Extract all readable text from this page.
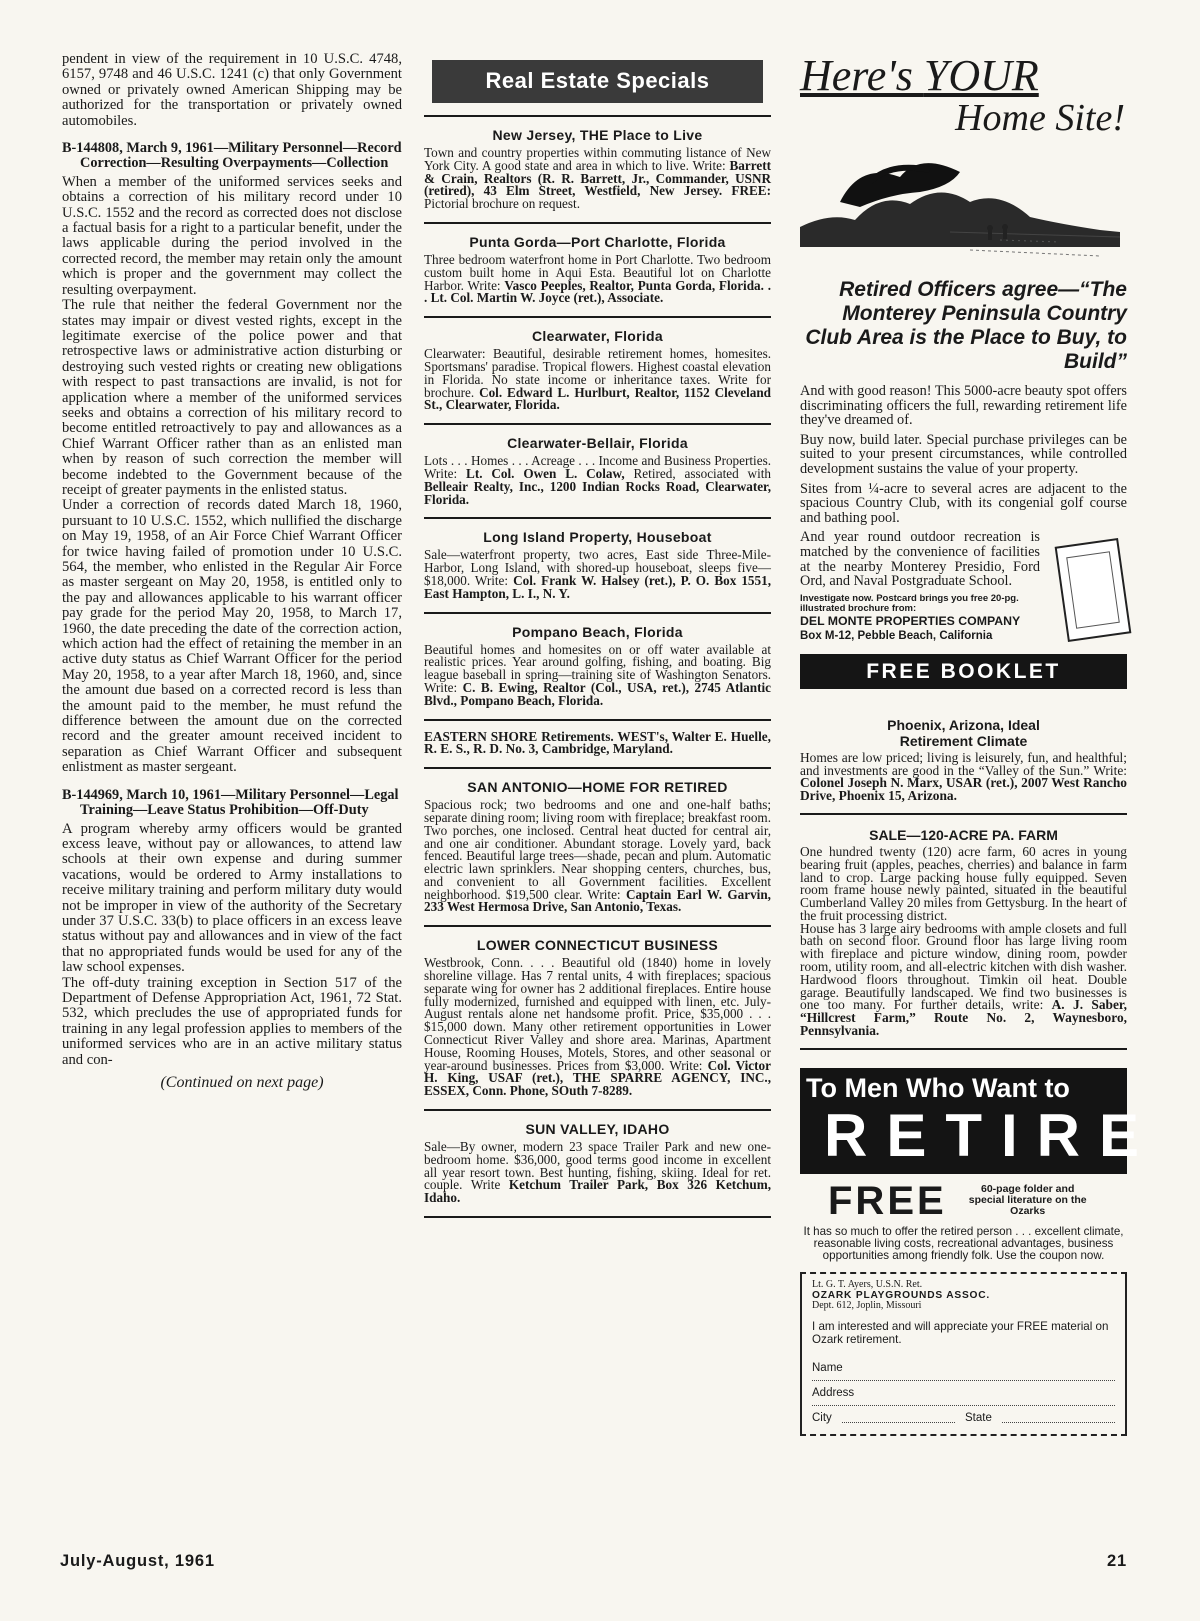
pendent in view of the requirement in 10 U.S.C. 4748, 6157, 9748 and 46 U.S.C. 1241 (c) that only Government owned or privately owned American Shipping may be authorized for the transportation or privately owned automobiles.

B-144808, March 9, 1961—Military Personnel—Record Correction—Resulting Overpayments—Collection

When a member of the uniformed services seeks and obtains a correction of his military record under 10 U.S.C. 1552 and the record as corrected does not disclose a factual basis for a right to a particular benefit, under the laws applicable during the period involved in the corrected record, the member may retain only the amount which is proper and the government may collect the resulting overpayment.

The rule that neither the federal Government nor the states may impair or divest vested rights, except in the legitimate exercise of the police power and that retrospective laws or administrative action disturbing or destroying such vested rights or creating new obligations with respect to past transactions are invalid, is not for application where a member of the uniformed services seeks and obtains a correction of his military record to become entitled retroactively to pay and allowances as a Chief Warrant Officer rather than as an enlisted man when by reason of such correction the member will become indebted to the Government because of the receipt of greater payments in the enlisted status.

Under a correction of records dated March 18, 1960, pursuant to 10 U.S.C. 1552, which nullified the discharge on May 19, 1958, of an Air Force Chief Warrant Officer for twice having failed of promotion under 10 U.S.C. 564, the member, who enlisted in the Regular Air Force as master sergeant on May 20, 1958, is entitled only to the pay and allowances applicable to his warrant officer pay grade for the period May 20, 1958, to March 17, 1960, the date preceding the date of the correction action, which action had the effect of retaining the member in an active duty status as Chief Warrant Officer for the period May 20, 1958, to a year after March 18, 1960, and, since the amount due based on a corrected record is less than the amount paid to the member, he must refund the difference between the amount due on the corrected record and the greater amount received incident to separation as Chief Warrant Officer and subsequent enlistment as master sergeant.

B-144969, March 10, 1961—Military Personnel—Legal Training—Leave Status Prohibition—Off-Duty

A program whereby army officers would be granted excess leave, without pay or allowances, to attend law schools at their own expense and during summer vacations, would be ordered to Army installations to receive military training and perform military duty would not be improper in view of the authority of the Secretary under 37 U.S.C. 33(b) to place officers in an excess leave status without pay and allowances and in view of the fact that no appropriated funds would be used for any of the law school expenses.

The off-duty training exception in Section 517 of the Department of Defense Appropriation Act, 1961, 72 Stat. 532, which precludes the use of appropriated funds for training in any legal profession applies to members of the uniformed services who are in an active military status and con-

(Continued on next page)
Real Estate Specials
New Jersey, THE Place to Live

Town and country properties within commuting listance of New York City. A good state and area in which to live. Write: Barrett & Crain, Realtors (R. R. Barrett, Jr., Commander, USNR (retired), 43 Elm Street, Westfield, New Jersey. FREE: Pictorial brochure on request.

Punta Gorda—Port Charlotte, Florida

Three bedroom waterfront home in Port Charlotte. Two bedroom custom built home in Aqui Esta. Beautiful lot on Charlotte Harbor. Write: Vasco Peeples, Realtor, Punta Gorda, Florida. . . Lt. Col. Martin W. Joyce (ret.), Associate.

Clearwater, Florida

Clearwater: Beautiful, desirable retirement homes, homesites. Sportsmans' paradise. Tropical flowers. Highest coastal elevation in Florida. No state income or inheritance taxes. Write for brochure. Col. Edward L. Hurlburt, Realtor, 1152 Cleveland St., Clearwater, Florida.

Clearwater-Bellair, Florida

Lots . . . Homes . . . Acreage . . . Income and Business Properties. Write: Lt. Col. Owen L. Colaw, Retired, associated with Belleair Realty, Inc., 1200 Indian Rocks Road, Clearwater, Florida.

Long Island Property, Houseboat

Sale—waterfront property, two acres, East side Three-Mile-Harbor, Long Island, with shored-up houseboat, sleeps five—$18,000. Write: Col. Frank W. Halsey (ret.), P. O. Box 1551, East Hampton, L. I., N. Y.

Pompano Beach, Florida

Beautiful homes and homesites on or off water available at realistic prices. Year around golfing, fishing, and boating. Big league baseball in spring—training site of Washington Senators. Write: C. B. Ewing, Realtor (Col., USA, ret.), 2745 Atlantic Blvd., Pompano Beach, Florida.

EASTERN SHORE Retirements. WEST's, Walter E. Huelle, R. E. S., R. D. No. 3, Cambridge, Maryland.

SAN ANTONIO—HOME FOR RETIRED

Spacious rock; two bedrooms and one and one-half baths; separate dining room; living room with fireplace; breakfast room. Two porches, one inclosed. Central heat ducted for central air, and one air conditioner. Abundant storage. Lovely yard, back fenced. Beautiful large trees—shade, pecan and plum. Automatic electric lawn sprinklers. Near shopping centers, churches, bus, and convenient to all Government facilities. Excellent neighborhood. $19,500 clear. Write: Captain Earl W. Garvin, 233 West Hermosa Drive, San Antonio, Texas.

LOWER CONNECTICUT BUSINESS

Westbrook, Conn. . . . Beautiful old (1840) home in lovely shoreline village. Has 7 rental units, 4 with fireplaces; spacious separate wing for owner has 2 additional fireplaces. Entire house fully modernized, furnished and equipped with linen, etc. July-August rentals alone net handsome profit. Price, $35,000 . . . $15,000 down. Many other retirement opportunities in Lower Connecticut River Valley and shore area. Marinas, Apartment House, Rooming Houses, Motels, Stores, and other seasonal or year-around businesses. Prices from $3,000. Write: Col. Victor H. King, USAF (ret.), THE SPARRE AGENCY, INC., ESSEX, Conn. Phone, SOuth 7-8289.

SUN VALLEY, IDAHO

Sale—By owner, modern 23 space Trailer Park and new one-bedroom home. $36,000, good terms good income in excellent all year resort town. Best hunting, fishing, skiing. Ideal for ret. couple. Write Ketchum Trailer Park, Box 326 Ketchum, Idaho.

Here's YOUR
Home Site!
Retired Officers agree—“The Monterey Peninsula Country Club Area is the Place to Buy, to Build”
And with good reason! This 5000-acre beauty spot offers discriminating officers the full, rewarding retirement life they've dreamed of.
Buy now, build later. Special purchase privileges can be suited to your present circumstances, while controlled development sustains the value of your property.
Sites from ¼-acre to several acres are adjacent to the spacious Country Club, with its congenial golf course and bathing pool.
And year round outdoor recreation is matched by the convenience of facilities at the nearby Monterey Presidio, Ford Ord, and Naval Postgraduate School.
Investigate now. Postcard brings you free 20-pg. illustrated brochure from:
DEL MONTE PROPERTIES COMPANY
Box M-12, Pebble Beach, California
FREE BOOKLET
Phoenix, Arizona, Ideal Retirement Climate

Homes are low priced; living is leisurely, fun, and healthful; and investments are good in the “Valley of the Sun.” Write: Colonel Joseph N. Marx, USAR (ret.), 2007 West Rancho Drive, Phoenix 15, Arizona.

SALE—120-ACRE PA. FARM

One hundred twenty (120) acre farm, 60 acres in young bearing fruit (apples, peaches, cherries) and balance in farm land to crop. Large packing house fully equipped. Seven room frame house newly painted, situated in the beautiful Cumberland Valley 20 miles from Gettysburg. In the heart of the fruit processing district.

House has 3 large airy bedrooms with ample closets and full bath on second floor. Ground floor has large living room with fireplace and picture window, dining room, powder room, utility room, and all-electric kitchen with dish washer. Hardwood floors throughout. Timkin oil heat. Double garage. Beautifully landscaped. We find two businesses is one too many. For further details, write: A. J. Saber, “Hillcrest Farm,” Route No. 2, Waynesboro, Pennsylvania.

To Men Who Want to
RETIRE
FREE	60-page folder and special literature on the Ozarks
It has so much to offer the retired person . . . excellent climate, reasonable living costs, recreational advantages, business opportunities among friendly folk. Use the coupon now.
Lt. G. T. Ayers, U.S.N. Ret.
OZARK PLAYGROUNDS ASSOC.
Dept. 612, Joplin, Missouri
I am interested and will appreciate your FREE material on Ozark retirement.
Name
Address
City	State
July-August, 1961	21
